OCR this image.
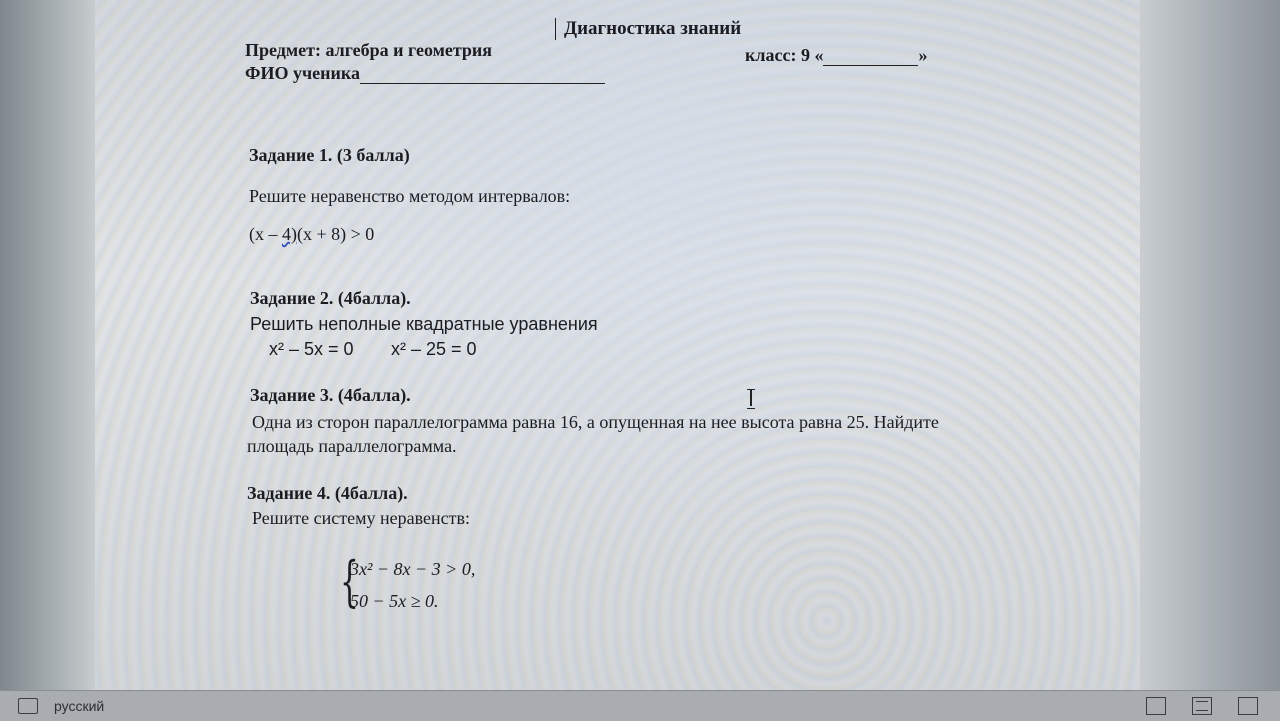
Диагностика знаний
Предмет: алгебра и геометрия	класс: 9 «	»
ФИО ученика
Задание 1. (3 балла)
Решите неравенство методом интервалов:
(x – 4)(x + 8) > 0
Задание 2. (4балла).
Решить неполные квадратные уравнения
x² – 5x = 0 x² – 25 = 0
Задание 3. (4балла).
Одна из сторон параллелограмма равна 16, а опущенная на нее высота равна 25. Найдите
площадь параллелограмма.
Задание 4. (4балла).
Решите систему неравенств:
{
3x² − 8x − 3 > 0,
50 − 5x ≥ 0.
русский
